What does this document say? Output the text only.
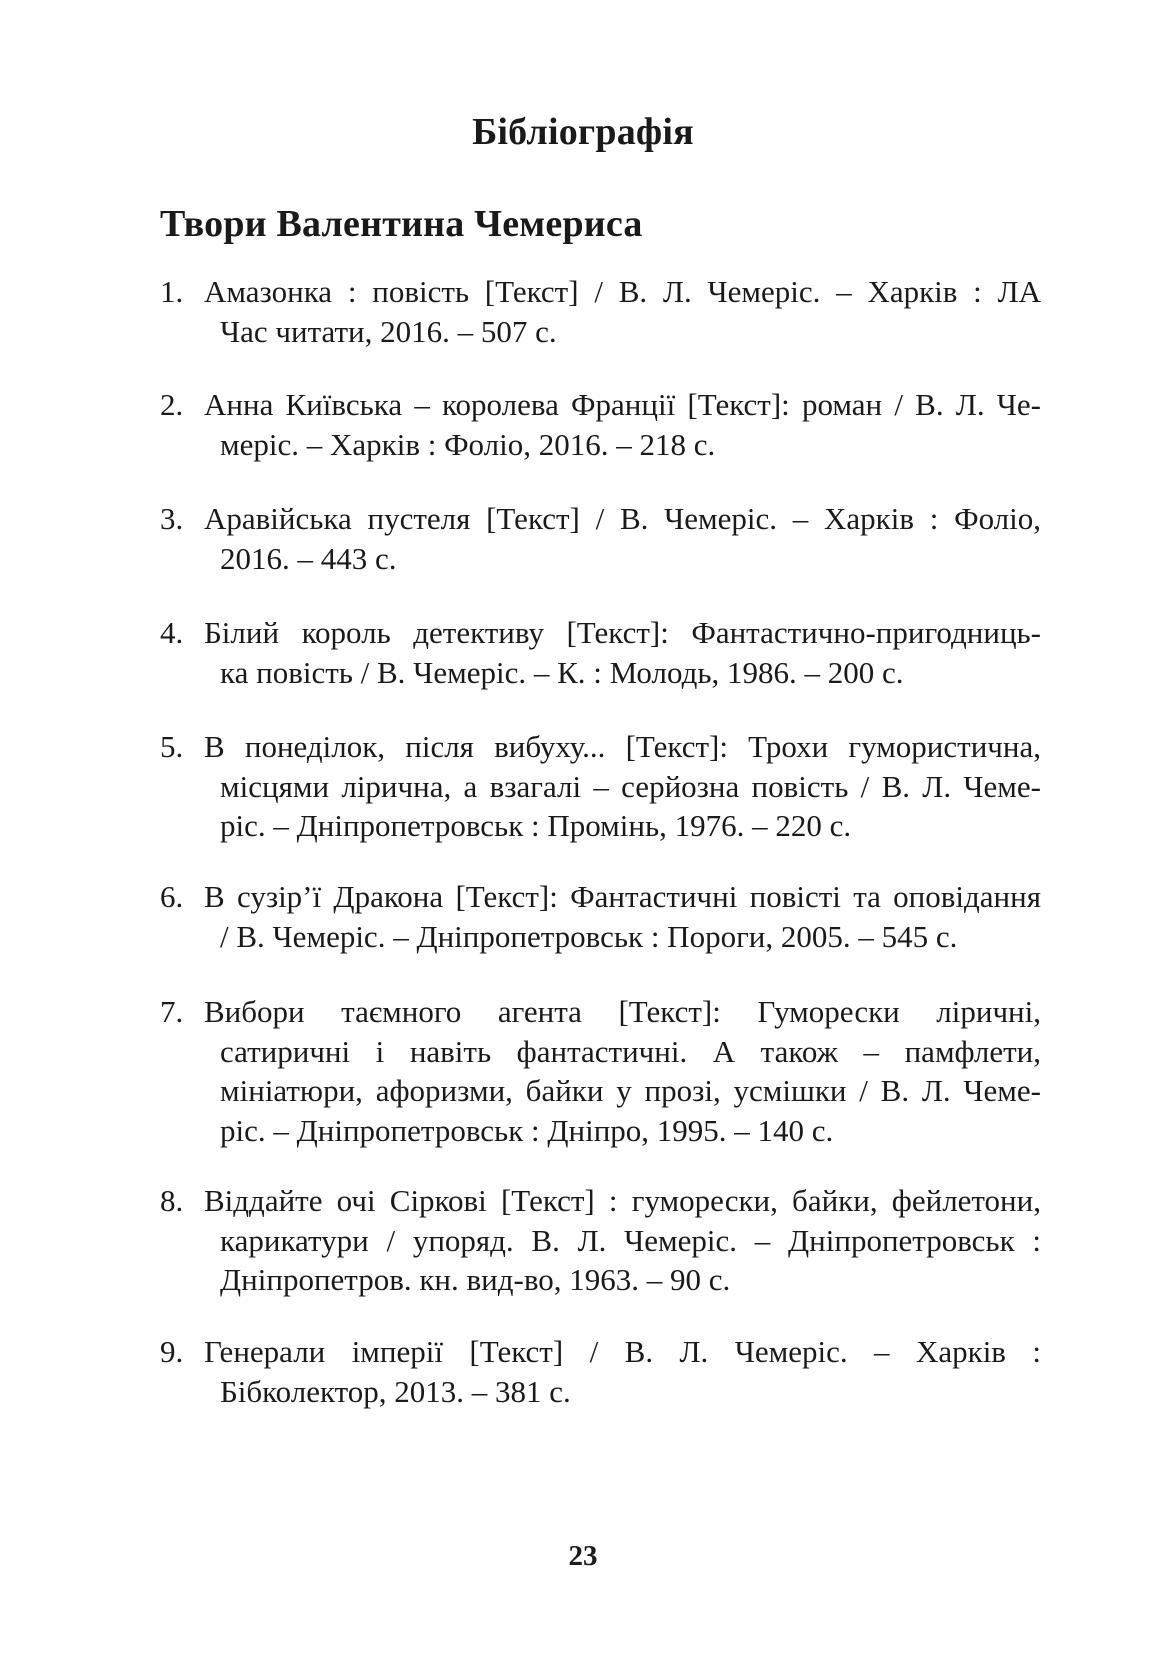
Бібліографія
Твори Валентина Чемериса
1. Амазонка : повість [Текст] / В. Л. Чемеріс. – Харків : ЛА
Час читати, 2016. – 507 с.
2. Анна Київська – королева Франції [Текст]: роман / В. Л. Че-
меріс. – Харків : Фоліо, 2016. – 218 с.
3. Аравійська пустеля [Текст] / В. Чемеріс. – Харків : Фоліо,
2016. – 443 с.
4. Білий король детективу [Текст]: Фантастично-пригодниць-
ка повість / В. Чемеріс. – К. : Молодь, 1986. – 200 с.
5. В понеділок, після вибуху... [Текст]: Трохи гумористична,
місцями лірична, а взагалі – серйозна повість / В. Л. Чеме-
ріс. – Дніпропетровськ : Промінь, 1976. – 220 с.
6. В сузір’ї Дракона [Текст]: Фантастичні повісті та оповідання
/ В. Чемеріс. – Дніпропетровськ : Пороги, 2005. – 545 с.
7. Вибори таємного агента [Текст]: Гуморески ліричні,
сатиричні і навіть фантастичні. А також – памфлети,
мініатюри, афоризми, байки у прозі, усмішки / В. Л. Чеме-
ріс. – Дніпропетровськ : Дніпро, 1995. – 140 с.
8. Віддайте очі Сіркові [Текст] : гуморески, байки, фейлетони,
карикатури / упоряд. В. Л. Чемеріс. – Дніпропетровськ :
Дніпропетров. кн. вид-во, 1963. – 90 с.
9. Генерали імперії [Текст] / В. Л. Чемеріс. – Харків :
Бібколектор, 2013. – 381 с.
23
